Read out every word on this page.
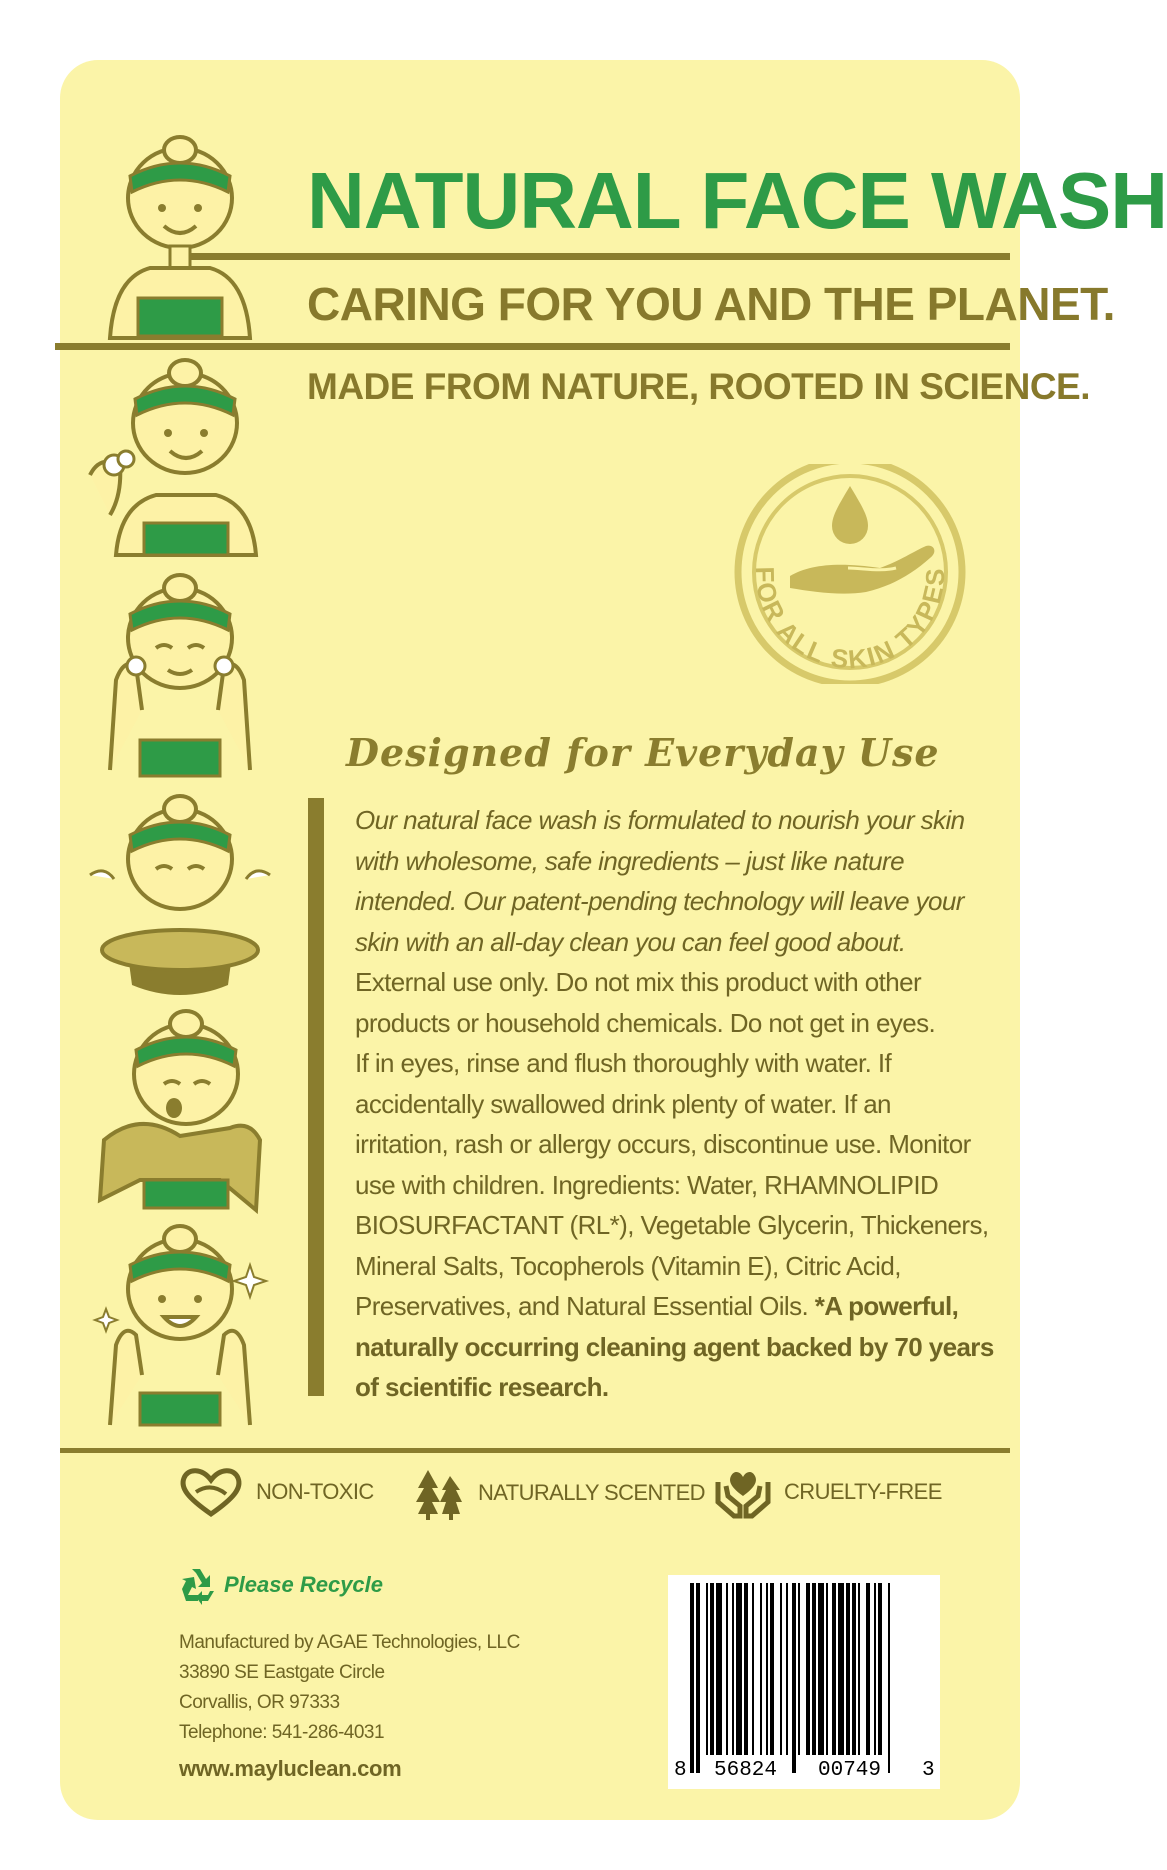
NATURAL FACE WASH
CARING FOR YOU AND THE PLANET.
MADE FROM NATURE, ROOTED IN SCIENCE.
FOR ALL SKIN TYPES
Designed for Everyday Use
Our natural face wash is formulated to nourish your skin
with wholesome, safe ingredients – just like nature
intended. Our patent-pending technology will leave your
skin with an all-day clean you can feel good about.
External use only. Do not mix this product with other
products or household chemicals. Do not get in eyes.
If in eyes, rinse and flush thoroughly with water. If
accidentally swallowed drink plenty of water. If an
irritation, rash or allergy occurs, discontinue use. Monitor
use with children. Ingredients: Water, RHAMNOLIPID
BIOSURFACTANT (RL*), Vegetable Glycerin, Thickeners,
Mineral Salts, Tocopherols (Vitamin E), Citric Acid,
Preservatives, and Natural Essential Oils. *A powerful,
naturally occurring cleaning agent backed by 70 years
of scientific research.
NON-TOXIC	NATURALLY SCENTED	CRUELTY-FREE
Please Recycle
Manufactured by AGAE Technologies, LLC
33890 SE Eastgate Circle
Corvallis, OR 97333
Telephone: 541-286-4031
www.mayluclean.com	8 56824 00749 3
